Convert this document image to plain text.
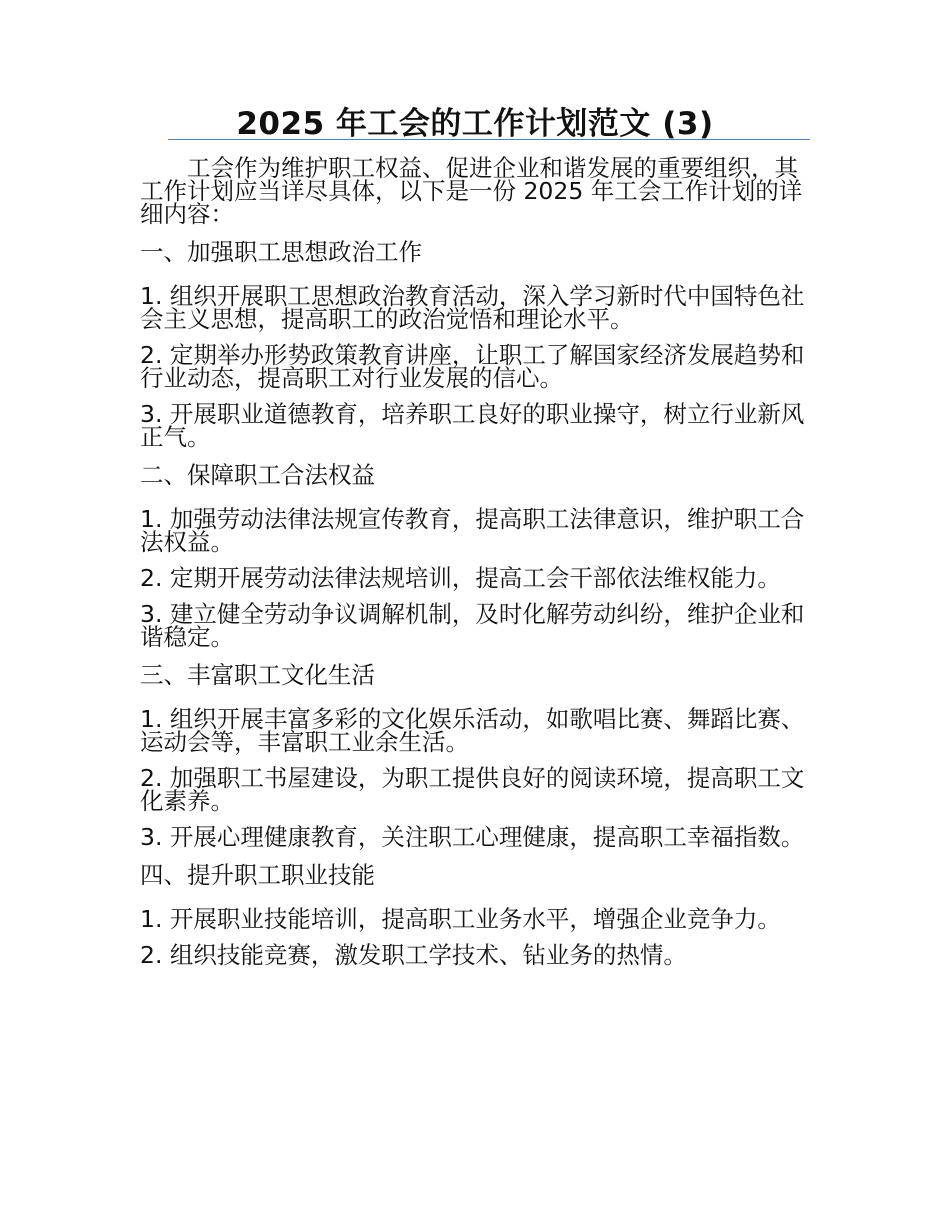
2025 年工会的工作计划范文 (3)

工会作为维护职工权益、促进企业和谐发展的重要组织，其工作计划应当详尽具体，以下是一份 2025 年工会工作计划的详细内容：

一、加强职工思想政治工作

1. 组织开展职工思想政治教育活动，深入学习新时代中国特色社会主义思想，提高职工的政治觉悟和理论水平。

2. 定期举办形势政策教育讲座，让职工了解国家经济发展趋势和行业动态，提高职工对行业发展的信心。

3. 开展职业道德教育，培养职工良好的职业操守，树立行业新风正气。

二、保障职工合法权益

1. 加强劳动法律法规宣传教育，提高职工法律意识，维护职工合法权益。

2. 定期开展劳动法律法规培训，提高工会干部依法维权能力。

3. 建立健全劳动争议调解机制，及时化解劳动纠纷，维护企业和谐稳定。

三、丰富职工文化生活

1. 组织开展丰富多彩的文化娱乐活动，如歌唱比赛、舞蹈比赛、运动会等，丰富职工业余生活。

2. 加强职工书屋建设，为职工提供良好的阅读环境，提高职工文化素养。

3. 开展心理健康教育，关注职工心理健康，提高职工幸福指数。

四、提升职工职业技能

1. 开展职业技能培训，提高职工业务水平，增强企业竞争力。

2. 组织技能竞赛，激发职工学技术、钻业务的热情。
